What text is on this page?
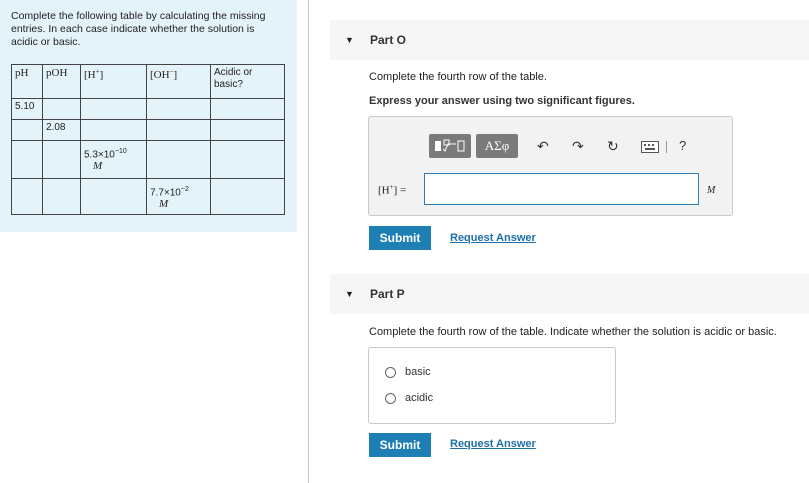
Complete the following table by calculating the missing entries. In each case indicate whether the solution is acidic or basic.
pH	pOH	[H+]	[OH−]	Acidic or basic?
5.10				
	2.08			
		$5.3\times 10^{-10}$
M		

			$7.7\times 10^{-2}$
M	

▼ Part O
Complete the fourth row of the table.
Express your answer using two significant figures.
ΑΣφ	↶ ↷ ↻	?
[H+] =	M
Submit	Request Answer
▼ Part P
Complete the fourth row of the table. Indicate whether the solution is acidic or basic.
basic
acidic
Submit	Request Answer
